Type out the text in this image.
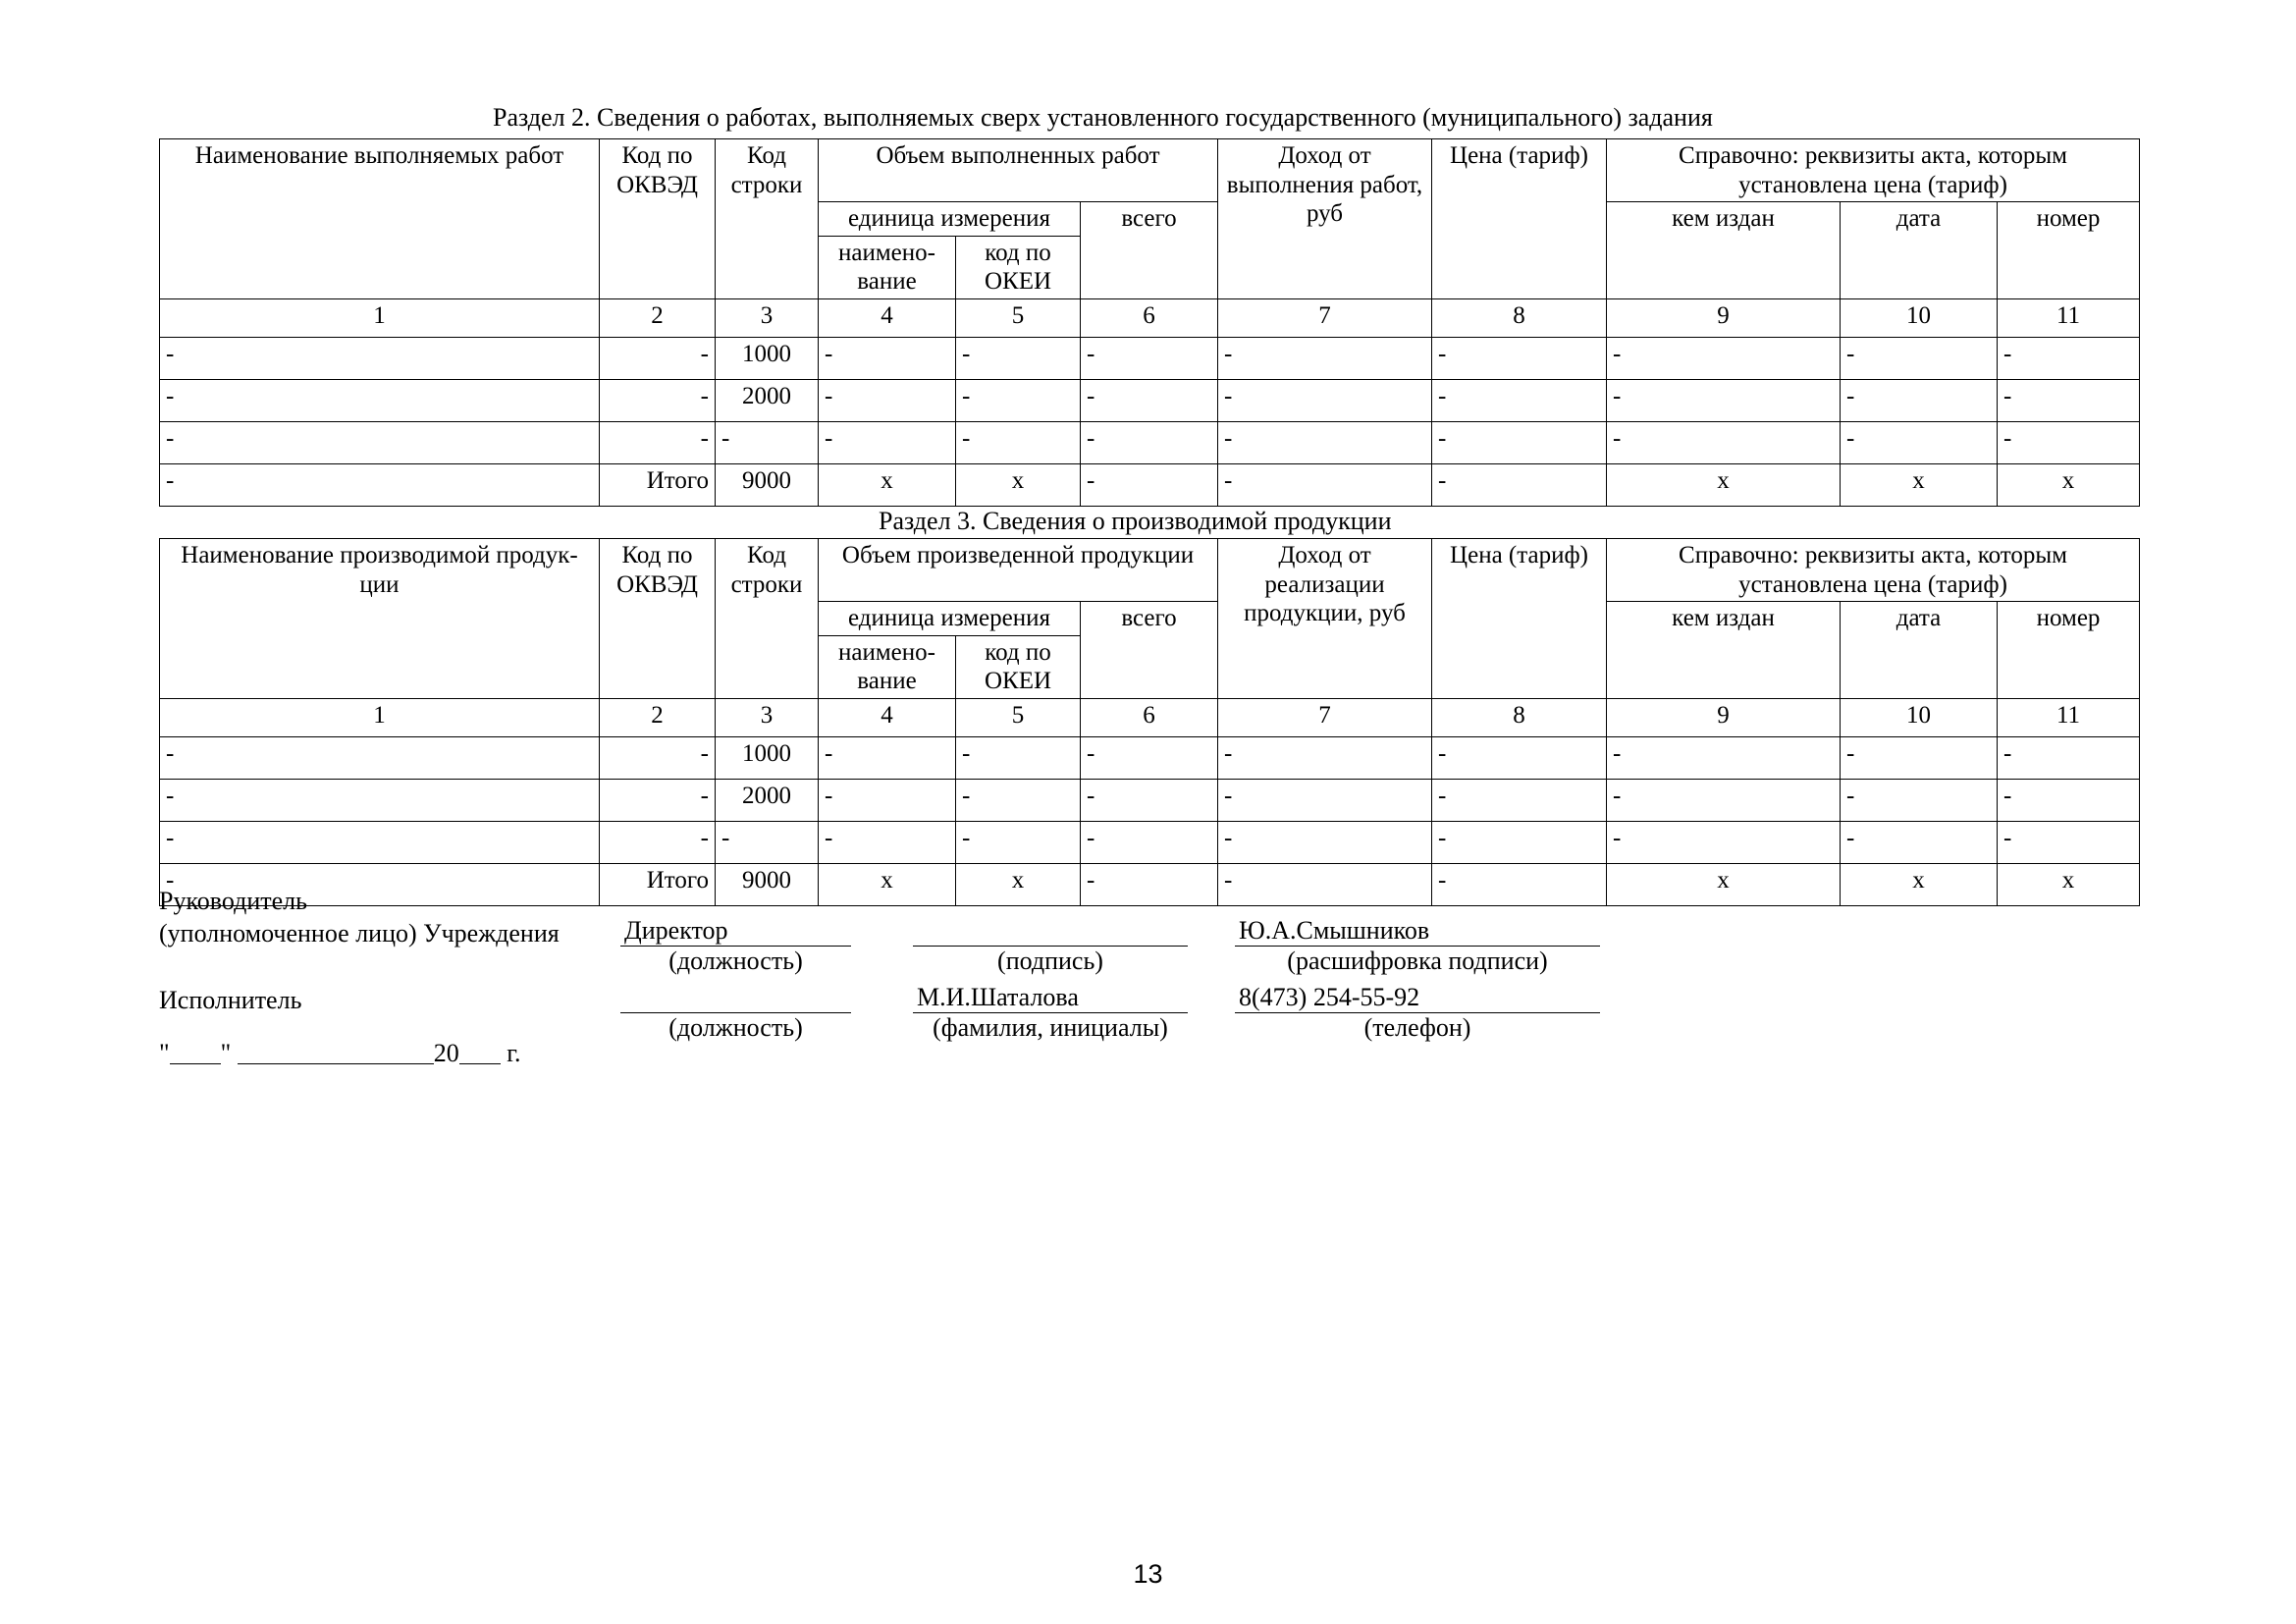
Раздел 2. Сведения о работах, выполняемых сверх установленного государственного (муниципального) задания
Наименование выполняемых работ	Код по ОКВЭД	Код строки	Объем выполненных работ			Доход от выполнения работ, руб	Цена (тариф)	Справочно: реквизиты акта, которым установлена цена (тариф)		
			единица измерения		всего			кем издан	дата	номер
			наимено-вание	код по ОКЕИ						
1	2	3	4	5	6	7	8	9	10	11
-	-	1000	-	-	-	-	-	-	-	-
-	-	2000	-	-	-	-	-	-	-	-
-	-	-	-	-	-	-	-	-	-	-
-	Итого	9000	х	х	-	-	-	х	х	х
Раздел 3. Сведения о производимой продукции
Наименование производимой продук-ции	Код по ОКВЭД	Код строки	Объем произведенной продукции			Доход от реализации продукции, руб	Цена (тариф)	Справочно: реквизиты акта, которым установлена цена (тариф)		
			единица измерения		всего			кем издан	дата	номер
			наимено-вание	код по ОКЕИ						
1	2	3	4	5	6	7	8	9	10	11
-	-	1000	-	-	-	-	-	-	-	-
-	-	2000	-	-	-	-	-	-	-	-
-	-	-	-	-	-	-	-	-	-	-
-	Итого	9000	х	х	-	-	-	х	х	х
Руководитель
(уполномоченное лицо) Учреждения	Директор	Ю.А.Смышников

(должность)	(подпись)	(расшифровка подписи)
Исполнитель	М.И.Шаталова	8(473) 254-55-92

(должность)	(фамилия, инициалы)	(телефон)
" "	20 г.
13
